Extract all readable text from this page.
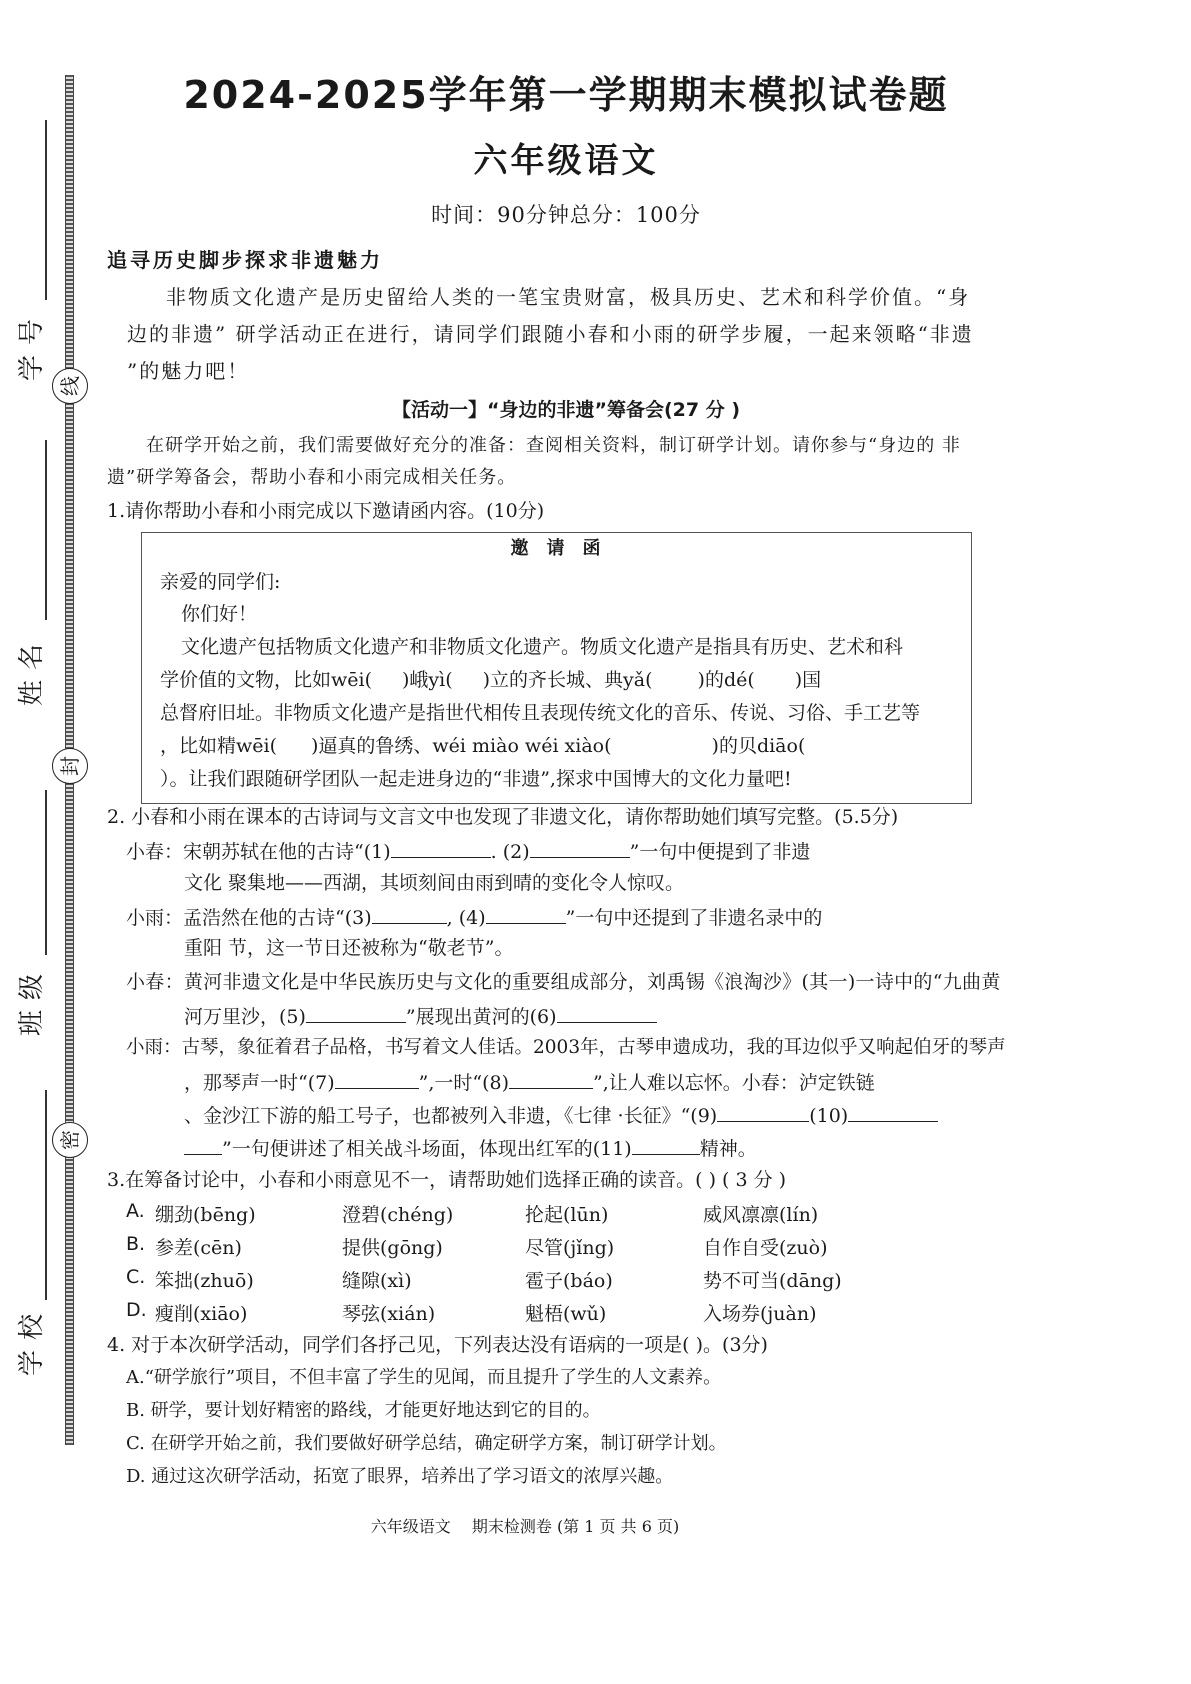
学号
姓名
班级
学校
线
封
密
2024-2025学年第一学期期末模拟试卷题
六年级语文
时间：90分钟总分：100分
追寻历史脚步探求非遗魅力
非物质文化遗产是历史留给人类的一笔宝贵财富，极具历史、艺术和科学价值。“身
边的非遗” 研学活动正在进行，请同学们跟随小春和小雨的研学步履，一起来领略“非遗
”的魅力吧！
【活动一】“身边的非遗”筹备会(27 分 )
在研学开始之前，我们需要做好充分的准备：查阅相关资料，制订研学计划。请你参与“身边的 非
遗”研学筹备会，帮助小春和小雨完成相关任务。
1.请你帮助小春和小雨完成以下邀请函内容。(10分)
邀　请　函
亲爱的同学们:
你们好！
文化遗产包括物质文化遗产和非物质文化遗产。物质文化遗产是指具有历史、艺术和科
学价值的文物，比如wēi( )峨yì( )立的齐长城、典yǎ( )的dé( )国
总督府旧址。非物质文化遗产是指世代相传且表现传统文化的音乐、传说、习俗、手工艺等
，比如精wēi( )逼真的鲁绣、wéi miào wéi xiào(	)的贝diāo(
）。让我们跟随研学团队一起走进身边的“非遗”,探求中国博大的文化力量吧!
2. 小春和小雨在课本的古诗词与文言文中也发现了非遗文化，请你帮助她们填写完整。(5.5分)
小春：宋朝苏轼在他的古诗“(1)	. (2)	”一句中便提到了非遗
文化 聚集地——西湖，其顷刻间由雨到晴的变化令人惊叹。
小雨：孟浩然在他的古诗“(3)	, (4)	”一句中还提到了非遗名录中的
重阳 节，这一节日还被称为“敬老节”。
小春：黄河非遗文化是中华民族历史与文化的重要组成部分，刘禹锡《浪淘沙》(其一)一诗中的“九曲黄
河万里沙，(5)	”展现出黄河的(6)
小雨：古琴，象征着君子品格，书写着文人佳话。2003年，古琴申遗成功，我的耳边似乎又响起伯牙的琴声
，那琴声一时“(7)	”,一时“(8)	”,让人难以忘怀。小春：泸定铁链
、金沙江下游的船工号子，也都被列入非遗，《七律 ·长征》“(9)	(10)
”一句便讲述了相关战斗场面，体现出红军的(11)	精神。
3.在筹备讨论中，小春和小雨意见不一，请帮助她们选择正确的读音。( ) ( 3 分 )
A. 绷劲(bēng)	澄碧(chéng)	抡起(lūn)	威风凛凛(lín)
B. 参差(cēn)	提供(gōng)	尽管(jǐng)	自作自受(zuò)
C. 笨拙(zhuō)	缝隙(xì)	雹子(báo)	势不可当(dāng)
D. 瘦削(xiāo)	琴弦(xián)	魁梧(wǔ)	入场券(juàn)
4. 对于本次研学活动，同学们各抒己见，下列表达没有语病的一项是( )。(3分)
A.“研学旅行”项目，不但丰富了学生的见闻，而且提升了学生的人文素养。
B. 研学，要计划好精密的路线，才能更好地达到它的目的。
C. 在研学开始之前，我们要做好研学总结，确定研学方案，制订研学计划。
D. 通过这次研学活动，拓宽了眼界，培养出了学习语文的浓厚兴趣。
六年级语文　 期末检测卷 (第 1 页 共 6 页)
